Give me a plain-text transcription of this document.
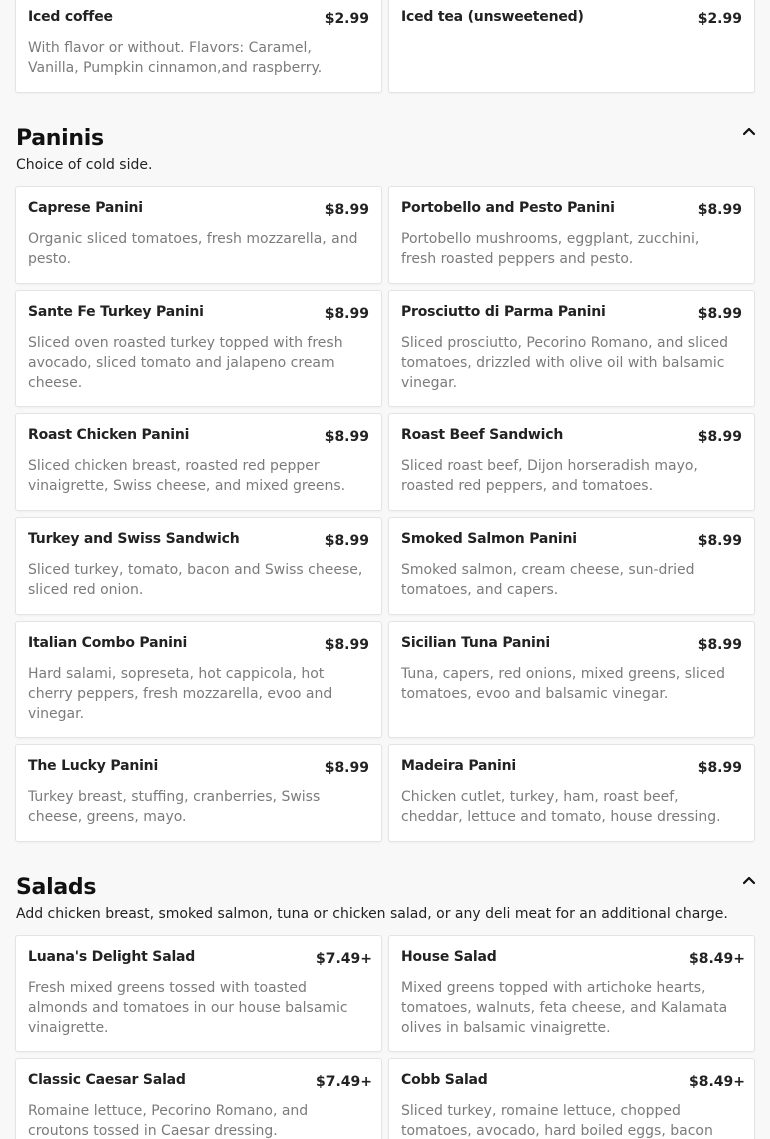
Iced coffee	$2.99
With flavor or without. Flavors: Caramel, Vanilla, Pumpkin cinnamon,and raspberry.
Iced tea (unsweetened)	$2.99
Paninis
Choice of cold side.
Caprese Panini	$8.99
Organic sliced tomatoes, fresh mozzarella, and pesto.
Portobello and Pesto Panini	$8.99
Portobello mushrooms, eggplant, zucchini, fresh roasted peppers and pesto.
Sante Fe Turkey Panini	$8.99
Sliced oven roasted turkey topped with fresh avocado, sliced tomato and jalapeno cream cheese.
Prosciutto di Parma Panini	$8.99
Sliced prosciutto, Pecorino Romano, and sliced tomatoes, drizzled with olive oil with balsamic vinegar.
Roast Chicken Panini	$8.99
Sliced chicken breast, roasted red pepper vinaigrette, Swiss cheese, and mixed greens.
Roast Beef Sandwich	$8.99
Sliced roast beef, Dijon horseradish mayo, roasted red peppers, and tomatoes.
Turkey and Swiss Sandwich	$8.99
Sliced turkey, tomato, bacon and Swiss cheese, sliced red onion.
Smoked Salmon Panini	$8.99
Smoked salmon, cream cheese, sun-dried tomatoes, and capers.
Italian Combo Panini	$8.99
Hard salami, sopreseta, hot cappicola, hot cherry peppers, fresh mozzarella, evoo and vinegar.
Sicilian Tuna Panini	$8.99
Tuna, capers, red onions, mixed greens, sliced tomatoes, evoo and balsamic vinegar.
The Lucky Panini	$8.99
Turkey breast, stuffing, cranberries, Swiss cheese, greens, mayo.
Madeira Panini	$8.99
Chicken cutlet, turkey, ham, roast beef, cheddar, lettuce and tomato, house dressing.
Salads
Add chicken breast, smoked salmon, tuna or chicken salad, or any deli meat for an additional charge.
Luana's Delight Salad	$7.49+
Fresh mixed greens tossed with toasted almonds and tomatoes in our house balsamic vinaigrette.
House Salad	$8.49+
Mixed greens topped with artichoke hearts, tomatoes, walnuts, feta cheese, and Kalamata olives in balsamic vinaigrette.
Classic Caesar Salad	$7.49+
Romaine lettuce, Pecorino Romano, and croutons tossed in Caesar dressing.
Cobb Salad	$8.49+
Sliced turkey, romaine lettuce, chopped tomatoes, avocado, hard boiled eggs, bacon
